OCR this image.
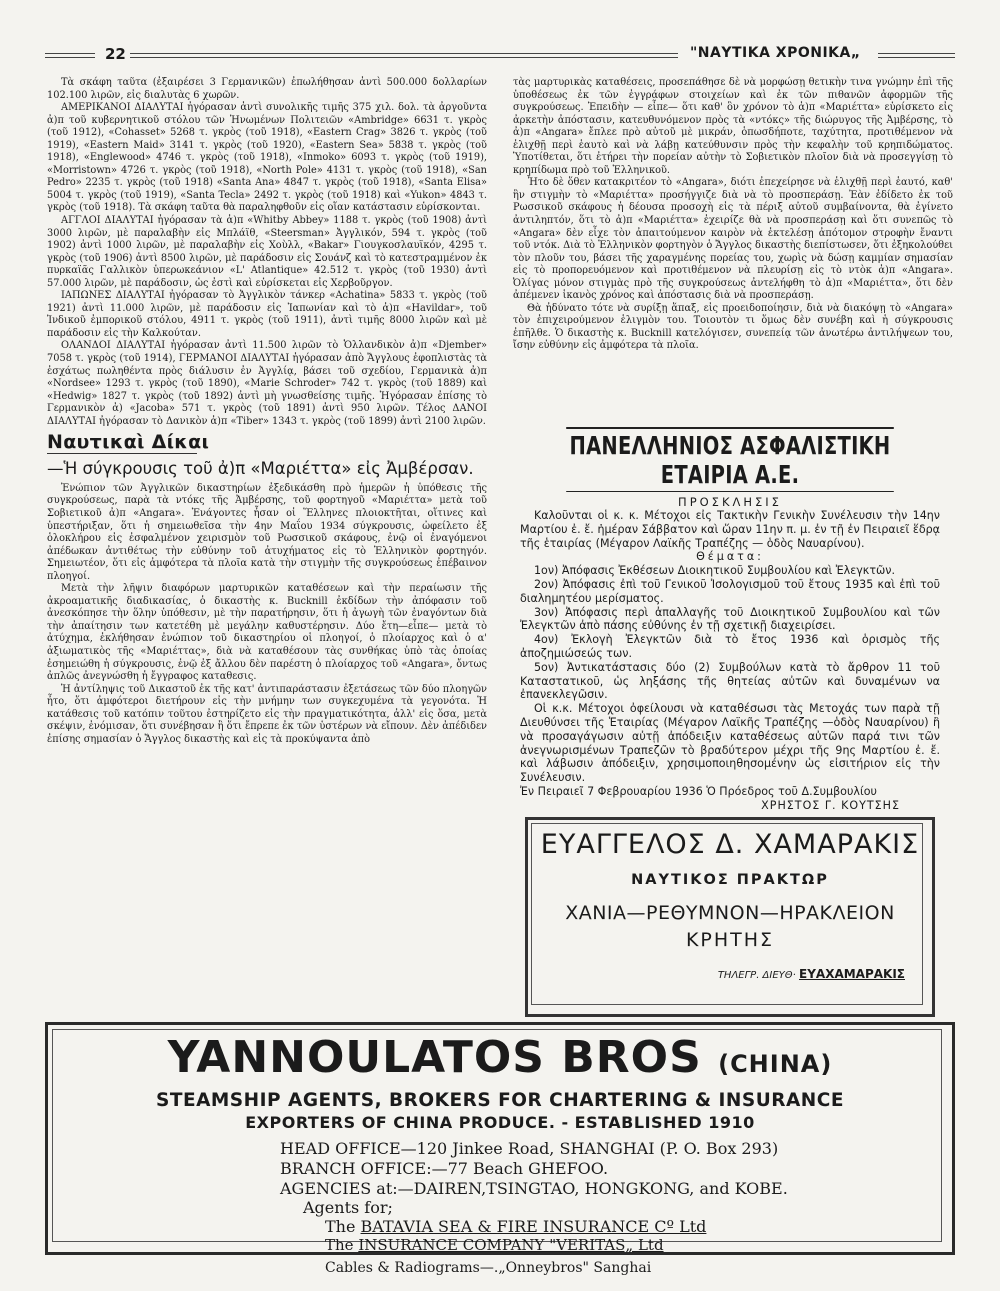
22	"ΝΑΥΤΙΚΑ ΧΡΟΝΙΚΑ„

Τὰ σκάφη ταῦτα (ἐξαιρέσει 3 Γερμανικῶν) ἐπωλήθησαν ἀντὶ 500.000 δολλαρίων 102.100 λιρῶν, εἰς διαλυτὰς 6 χωρῶν.

ΑΜΕΡΙΚΑΝΟΙ ΔΙΑΛΥΤΑΙ ἠγόρασαν ἀντὶ συνολικῆς τιμῆς 375 χιλ. δολ. τὰ ἀργοῦντα ἀ)π τοῦ κυβερνητικοῦ στόλου τῶν Ἡνωμένων Πολιτειῶν «Ambridge» 6631 τ. γκρὸς (τοῦ 1912), «Cohasset» 5268 τ. γκρὸς (τοῦ 1918), «Eastern Crag» 3826 τ. γκρὸς (τοῦ 1919), «Eastern Maid» 3141 τ. γκρὸς (τοῦ 1920), «Eastern Sea» 5838 τ. γκρὸς (τοῦ 1918), «Englewood» 4746 τ. γκρὸς (τοῦ 1918), «Inmoko» 6093 τ. γκρὸς (τοῦ 1919), «Morristown» 4726 τ. γκρὸς (τοῦ 1918), «North Pole» 4131 τ. γκρὸς (τοῦ 1918), «San Pedro» 2235 τ. γκρὸς (τοῦ 1918) «Santa Ana» 4847 τ. γκρὸς (τοῦ 1918), «Santa Elisa» 5004 τ. γκρὸς (τοῦ 1919), «Santa Tecla» 2492 τ. γκρὸς (τοῦ 1918) καὶ «Yukon» 4843 τ. γκρὸς (τοῦ 1918). Τὰ σκάφη ταῦτα θὰ παραληφθοῦν εἰς οἵαν κατάστασιν εὑρίσκονται.

ΑΓΓΛΟΙ ΔΙΑΛΥΤΑΙ ἠγόρασαν τὰ ἀ)π «Whitby Abbey» 1188 τ. γκρὸς (τοῦ 1908) ἀντὶ 3000 λιρῶν, μὲ παραλαβὴν εἰς Μπλάϊθ, «Steersman» Ἀγγλικόν, 594 τ. γκρὸς (τοῦ 1902) ἀντὶ 1000 λιρῶν, μὲ παραλαβὴν εἰς Χοὺλλ, «Bakar» Γιουγκοσλαυϊκόν, 4295 τ. γκρὸς (τοῦ 1906) ἀντὶ 8500 λιρῶν, μὲ παράδοσιν εἰς Σουάνζ καὶ τὸ κατεστραμμένον ἐκ πυρκαϊᾶς Γαλλικὸν ὑπερωκεάνιον «L' Atlantique» 42.512 τ. γκρὸς (τοῦ 1930) ἀντὶ 57.000 λιρῶν, μὲ παράδοσιν, ὡς ἐστὶ καὶ εὑρίσκεται εἰς Χερβοῦργον.

ΙΑΠΩΝΕΣ ΔΙΑΛΥΤΑΙ ἠγόρασαν τὸ Ἀγγλικὸν τάνκερ «Achatina» 5833 τ. γκρὸς (τοῦ 1921) ἀντὶ 11.000 λιρῶν, μὲ παράδοσιν εἰς Ἰαπωνίαν καὶ τὸ ἀ)π «Havildar», τοῦ Ἰνδικοῦ ἐμπορικοῦ στόλου, 4911 τ. γκρὸς (τοῦ 1911), ἀντὶ τιμῆς 8000 λιρῶν καὶ μὲ παράδοσιν εἰς τὴν Καλκούταν.

ΟΛΑΝΔΟΙ ΔΙΑΛΥΤΑΙ ἠγόρασαν ἀντὶ 11.500 λιρῶν τὸ Ὁλλανδικὸν ἀ)π «Djember» 7058 τ. γκρὸς (τοῦ 1914), ΓΕΡΜΑΝΟΙ ΔΙΑΛΥΤΑΙ ἠγόρασαν ἀπὸ Ἄγγλους ἐφοπλιστὰς τὰ ἐσχάτως πωληθέντα πρὸς διάλυσιν ἐν Ἀγγλίᾳ, βάσει τοῦ σχεδίου, Γερμανικὰ ἀ)π «Nordsee» 1293 τ. γκρὸς (τοῦ 1890), «Marie Schroder» 742 τ. γκρὸς (τοῦ 1889) καὶ «Hedwig» 1827 τ. γκρὸς (τοῦ 1892) ἀντὶ μὴ γνωσθείσης τιμῆς. Ἠγόρασαν ἐπίσης τὸ Γερμανικὸν ἀ) «Jacoba» 571 τ. γκρὸς (τοῦ 1891) ἀντὶ 950 λιρῶν. Τέλος ΔΑΝΟΙ ΔΙΑΛΥΤΑΙ ἠγόρασαν τὸ Δανικὸν ἀ)π «Tiber» 1343 τ. γκρὸς (τοῦ 1899) ἀντὶ 2100 λιρῶν.

Ναυτικαὶ Δίκαι
—Ἡ σύγκρουσις τοῦ ἀ)π «Μαριέττα» εἰς Ἀμβέρσαν.

Ἐνώπιον τῶν Ἀγγλικῶν δικαστηρίων ἐξεδικάσθη πρὸ ἡμερῶν ἡ ὑπόθεσις τῆς συγκρούσεως, παρὰ τὰ ντόκς τῆς Ἀμβέρσης, τοῦ φορτηγοῦ «Μαριέττα» μετὰ τοῦ Σοβιετικοῦ ἀ)π «Angara». Ἐνάγοντες ἦσαν οἱ Ἕλληνες πλοιοκτῆται, οἵτινες καὶ ὑπεστήριξαν, ὅτι ἡ σημειωθεῖσα τὴν 4ην Μαΐου 1934 σύγκρουσις, ὠφείλετο ἐξ ὁλοκλήρου εἰς ἐσφαλμένον χειρισμὸν τοῦ Ρωσσικοῦ σκάφους, ἐνῷ οἱ ἐναγόμενοι ἀπέδωκαν ἀντιθέτως τὴν εὐθύνην τοῦ ἀτυχήματος εἰς τὸ Ἑλληνικὸν φορτηγόν. Σημειωτέον, ὅτι εἰς ἀμφότερα τὰ πλοῖα κατὰ τὴν στιγμὴν τῆς συγκρούσεως ἐπέβαινον πλοηγοί.

Μετὰ τὴν λῆψιν διαφόρων μαρτυρικῶν καταθέσεων καὶ τὴν περαίωσιν τῆς ἀκροαματικῆς διαδικασίας, ὁ δικαστὴς κ. Bucknill ἐκδίδων τὴν ἀπόφασιν τοῦ ἀνεσκόπησε τὴν ὅλην ὑπόθεσιν, μὲ τὴν παρατήρησιν, ὅτι ἡ ἀγωγὴ τῶν ἐναγόντων διὰ τὴν ἀπαίτησιν των κατετέθη μὲ μεγάλην καθυστέρησιν. Δύο ἔτη—εἶπε— μετὰ τὸ ἀτύχημα, ἐκλήθησαν ἐνώπιον τοῦ δικαστηρίου οἱ πλοηγοί, ὁ πλοίαρχος καὶ ὁ α' ἀξιωματικὸς τῆς «Μαριέττας», διὰ νὰ καταθέσουν τὰς συνθήκας ὑπὸ τὰς ὁποίας ἐσημειώθη ἡ σύγκρουσις, ἐνῷ ἐξ ἄλλου δὲν παρέστη ὁ πλοίαρχος τοῦ «Angara», ὄντως ἀπλῶς ἀνεγνώσθη ἡ ἔγγραφος καταθεσις.

Ἡ ἀντίληψις τοῦ Δικαστοῦ ἐκ τῆς κατ' ἀντιπαράστασιν ἐξετάσεως τῶν δύο πλοηγῶν ἦτο, ὅτι ἀμφότεροι διετήρουν εἰς τὴν μνήμην των συγκεχυμένα τὰ γεγονότα. Ἡ κατάθεσις τοῦ κατόπιν τοῦτου ἐστηρίζετο εἰς τὴν πραγματικότητα, ἀλλ' εἰς ὅσα, μετὰ σκέψιν, ἐνόμισαν, ὅτι συνέβησαν ἢ ὅτι ἔπρεπε ἐκ τῶν ὑστέρων νὰ εἴπουν. Δὲν ἀπέδιδεν ἐπίσης σημασίαν ὁ Ἄγγλος δικαστὴς καὶ εἰς τὰ προκύψαντα ἀπὸ

τὰς μαρτυρικὰς καταθέσεις, προσεπάθησε δὲ νὰ μορφώσῃ θετικὴν τινα γνώμην ἐπὶ τῆς ὑποθέσεως ἐκ τῶν ἐγγράφων στοιχείων καὶ ἐκ τῶν πιθανῶν ἀφορμῶν τῆς συγκρούσεως. Ἐπειδὴν — εἶπε— ὅτι καθ' ὃν χρόνον τὸ ἀ)π «Μαριέττα» εὑρίσκετο εἰς ἀρκετὴν ἀπόστασιν, κατευθυνόμενον πρὸς τὰ «ντόκς» τῆς διώρυγος τῆς Ἀμβέρσης, τὸ ἀ)π «Angara» ἔπλεε πρὸ αὐτοῦ μὲ μικράν, ὁπωσδήποτε, ταχύτητα, προτιθέμενον νὰ ἑλιχθῇ περὶ ἑαυτὸ καὶ νὰ λάβῃ κατεύθυνσιν πρὸς τὴν κεφαλὴν τοῦ κρηπιδώματος. Ὑποτίθεται, ὅτι ἐτήρει τὴν πορείαν αὐτὴν τὸ Σοβιετικὸν πλοῖον διὰ νὰ προσεγγίσῃ τὸ κρηπίδωμα πρὸ τοῦ Ἑλληνικοῦ.

Ἦτο δὲ ὅθεν κατακριτέον τὸ «Angara», διότι ἐπεχείρησε νὰ ἑλιχθῇ περὶ ἑαυτό, καθ' ἣν στιγμὴν τὸ «Μαριέττα» προσήγγιζε διὰ νὰ τὸ προσπεράσῃ. Ἐὰν ἐδίδετο ἐκ τοῦ Ρωσσικοῦ σκάφους ἡ δέουσα προσοχὴ εἰς τὰ πέριξ αὐτοῦ συμβαίνοντα, θὰ ἐγίνετο ἀντιληπτόν, ὅτι τὸ ἀ)π «Μαριέττα» ἐχειρίζε θὰ νὰ προσπεράσῃ καὶ ὅτι συνεπῶς τὸ «Angara» δὲν εἶχε τὸν ἀπαιτούμενον καιρὸν νὰ ἐκτελέσῃ ἀπότομον στροφὴν ἔναντι τοῦ ντόκ. Διὰ τὸ Ἑλληνικὸν φορτηγὸν ὁ Ἄγγλος δικαστὴς διεπίστωσεν, ὅτι ἐξηκολούθει τὸν πλοῦν του, βάσει τῆς χαραγμένης πορείας του, χωρὶς νὰ δώσῃ καμμίαν σημασίαν εἰς τὸ προπορευόμενον καὶ προτιθέμενον νὰ πλευρίσῃ εἰς τὸ ντὸκ ἀ)π «Angara». Ὀλίγας μόνον στιγμὰς πρὸ τῆς συγκρούσεως ἀντελήφθη τὸ ἀ)π «Μαριέττα», ὅτι δὲν ἀπέμενεν ἱκανὸς χρόνος καὶ ἀπόστασις διὰ νὰ προσπεράσῃ.

Θὰ ἠδύνατο τότε νὰ συρίξῃ ἅπαξ, εἰς προειδοποίησιν, διὰ νὰ διακόψῃ τὸ «Angara» τὸν ἐπιχειρούμενον ἑλιγμὸν του. Τοιουτὸν τι ὅμως δὲν συνέβη καὶ ἡ σύγκρουσις ἐπῆλθε. Ὁ δικαστὴς κ. Bucknill κατελόγισεν, συνεπείᾳ τῶν ἀνωτέρω ἀντιλήψεων του, ἴσην εὐθύνην εἰς ἀμφότερα τὰ πλοῖα.

ΠΑΝΕΛΛΗΝΙΟΣ ΑΣΦΑΛΙΣΤΙΚΗ ΕΤΑΙΡΙΑ Α.Ε.
ΠΡΟΣΚΛΗΣΙΣ

Καλοῦνται οἱ κ. κ. Μέτοχοι εἰς Τακτικὴν Γενικὴν Συνέλευσιν τὴν 14ην Μαρτίου ἐ. ἔ. ἡμέραν Σάββατον καὶ ὥραν 11ην π. μ. ἐν τῇ ἐν Πειραιεῖ ἕδρᾳ τῆς ἑταιρίας (Μέγαρον Λαϊκῆς Τραπέζης — ὁδὸς Ναυαρίνου).

Θέματα:

1ον) Ἀπόφασις Ἐκθέσεων Διοικητικοῦ Συμβουλίου καὶ Ἐλεγκτῶν.

2ον) Ἀπόφασις ἐπὶ τοῦ Γενικοῦ Ἰσολογισμοῦ τοῦ ἔτους 1935 καὶ ἐπὶ τοῦ διαλημητέου μερίσματος.

3ον) Ἀπόφασις περὶ ἀπαλλαγῆς τοῦ Διοικητικοῦ Συμβουλίου καὶ τῶν Ἐλεγκτῶν ἀπὸ πάσης εὐθύνης ἐν τῇ σχετικῇ διαχειρίσει.

4ον) Ἐκλογὴ Ἐλεγκτῶν διὰ τὸ ἔτος 1936 καὶ ὁρισμὸς τῆς ἀποζημιώσεώς των.

5ον) Ἀντικατάστασις δύο (2) Συμβούλων κατὰ τὸ ἄρθρον 11 τοῦ Καταστατικοῦ, ὡς ληξάσης τῆς θητείας αὐτῶν καὶ δυναμένων να ἐπανεκλεγῶσιν.

Οἱ κ.κ. Μέτοχοι ὀφείλουσι νὰ καταθέσωσι τὰς Μετοχάς των παρὰ τῇ Διευθύνσει τῆς Ἑταιρίας (Μέγαρον Λαϊκῆς Τραπέζης —ὁδὸς Ναυαρίνου) ἢ νὰ προσαγάγωσιν αὐτῇ ἀπόδειξιν καταθέσεως αὐτῶν παρά τινι τῶν ἀνεγνωρισμένων Τραπεζῶν τὸ βραδύτερον μέχρι τῆς 9ης Μαρτίου ἐ. ἔ. καὶ λάβωσιν ἀπόδειξιν, χρησιμοποιηθησομένην ὡς εἰσιτήριον εἰς τὴν Συνέλευσιν.

Ἐν Πειραιεῖ 7 Φεβρουαρίου 1936 Ὁ Πρόεδρος τοῦ Δ.Συμβουλίου

ΧΡΗΣΤΟΣ Γ. ΚΟΥΤΣΗΣ

ΕΥΑΓΓΕΛΟΣ Δ. ΧΑΜΑΡΑΚΙΣ
ΝΑΥΤΙΚΟΣ ΠΡΑΚΤΩΡ
ΧΑΝΙΑ—ΡΕΘΥΜΝΟΝ—ΗΡΑΚΛΕΙΟΝ
ΚΡΗΤΗΣ
ΤΗΛΕΓΡ. ΔΙΕΥΘ· ΕΥΑΧΑΜΑΡΑΚΙΣ
YANNOULATOS BROS (CHINA)
STEAMSHIP AGENTS, BROKERS FOR CHARTERING & INSURANCE
EXPORTERS OF CHINA PRODUCE. - ESTABLISHED 1910
HEAD OFFICE—120 Jinkee Road, SHANGHAI (P. O. Box 293)
BRANCH OFFICE:—77 Beach GHEFOO.
AGENCIES at:—DAIREN,TSINGTAO, HONGKONG, and KOBE.
Agents for;
The BATAVIA SEA & FIRE INSURANCE Cº Ltd
The INSURANCE COMPANY "VERITAS„ Ltd
Cables & Radiograms—.„Onneybros" Sanghai
